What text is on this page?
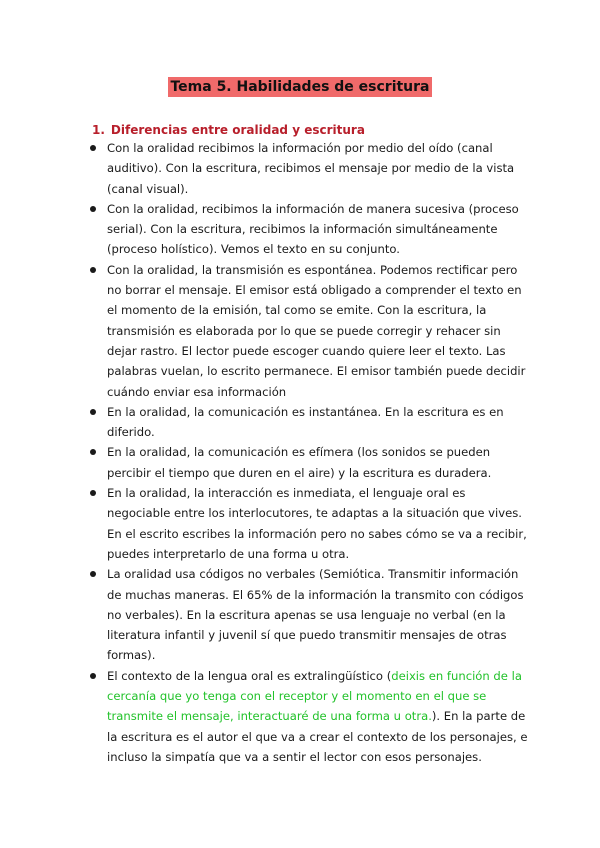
Tema 5. Habilidades de escritura
1. Diferencias entre oralidad y escritura
Con la oralidad recibimos la información por medio del oído (canal auditivo). Con la escritura, recibimos el mensaje por medio de la vista (canal visual).
Con la oralidad, recibimos la información de manera sucesiva (proceso serial). Con la escritura, recibimos la información simultáneamente (proceso holístico). Vemos el texto en su conjunto.
Con la oralidad, la transmisión es espontánea. Podemos rectificar pero no borrar el mensaje. El emisor está obligado a comprender el texto en el momento de la emisión, tal como se emite. Con la escritura, la transmisión es elaborada por lo que se puede corregir y rehacer sin dejar rastro. El lector puede escoger cuando quiere leer el texto. Las palabras vuelan, lo escrito permanece. El emisor también puede decidir cuándo enviar esa información
En la oralidad, la comunicación es instantánea. En la escritura es en diferido.
En la oralidad, la comunicación es efímera (los sonidos se pueden percibir el tiempo que duren en el aire) y la escritura es duradera.
En la oralidad, la interacción es inmediata, el lenguaje oral es negociable entre los interlocutores, te adaptas a la situación que vives. En el escrito escribes la información pero no sabes cómo se va a recibir, puedes interpretarlo de una forma u otra.
La oralidad usa códigos no verbales (Semiótica. Transmitir información de muchas maneras. El 65% de la información la transmito con códigos no verbales). En la escritura apenas se usa lenguaje no verbal (en la literatura infantil y juvenil sí que puedo transmitir mensajes de otras formas).
El contexto de la lengua oral es extralingüístico (deixis en función de la cercanía que yo tenga con el receptor y el momento en el que se transmite el mensaje, interactuaré de una forma u otra.). En la parte de la escritura es el autor el que va a crear el contexto de los personajes, e incluso la simpatía que va a sentir el lector con esos personajes.
